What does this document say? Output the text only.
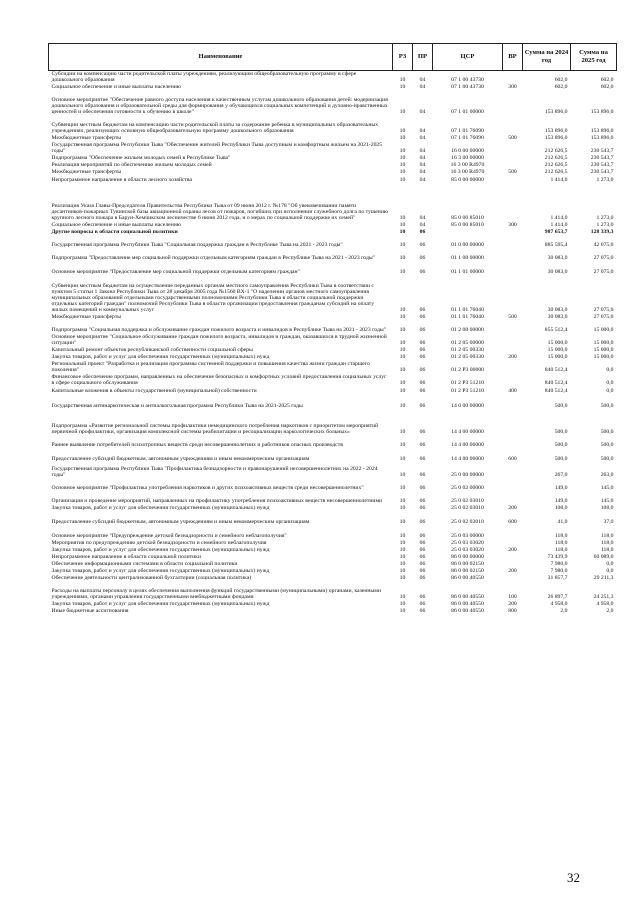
Наименование	РЗ	ПР	ЦСР	ВР	Сумма на 2024 год	Сумма на 2025 год
Субсидии на компенсацию части родительской платы учреждениям, реализующим общеобразовательную программу в сфере дошкольного образования	10	04	07 1 00 43730		602,0	602,0
Социальное обеспечение и иные выплаты населению	10	04	07 1 00 43730	300	602,0	602,0
Основное мероприятие "Обеспечение равного доступа населения к качественным услугам дошкольного образования детей: модернизация дошкольного образования и образовательной среды для формирования у обучающихся социальных компетенций и духовно-нравственных ценностей и обеспечения готовности к обучению в школе"	10	04	07 1 01 00000		153 896,0	153 896,0
Субвенции местным бюджетам на компенсацию части родительской платы за содержание ребенка в муниципальных образовательных учреждениях, реализующих основную общеобразовательную программу дошкольного образования	10	04	07 1 01 76090		153 896,0	153 896,0
Межбюджетные трансферты	10	04	07 1 01 76090	500	153 896,0	153 896,0
Государственная программа Республики Тыва "Обеспечение жителей Республики Тыва доступным и комфортным жильем на 2021-2025 годы"	10	04	16 0 00 00000		212 626,5	230 543,7
Подпрограмма "Обеспечение жильем молодых семей в Республике Тыва"	10	04	16 3 00 00000		212 626,5	230 543,7
Реализация мероприятий по обеспечению жильем молодых семей	10	04	16 3 00 R4970		212 626,5	230 543,7
Межбюджетные трансферты	10	04	16 3 00 R4970	500	212 626,5	230 543,7
Непрограммное направление в области лесного хозяйства	10	04	85 0 00 00000		1 414,0	1 273,0
Реализация Указа Главы-Председателя Правительства Республики Тыва от 09 июня 2012 г. №178 "Об увековечивании памяти десантников-пожарных Тувинской базы авиационной охраны лесов от пожаров, погибших при исполнении служебного долга по тушению крупного лесного пожара в Барун-Хемчикском лесничестве 6 июня 2012 года, и о мерах по социальной поддержке их семей"	10	04	85 0 00 85010		1 414,0	1 273,0
Социальное обеспечение и иные выплаты населению	10	04	85 0 00 85010	300	1 414,0	1 273,0
Другие вопросы в области социальной политики	10	06			987 653,7	128 339,3
Государственная программа Республики Тыва "Социальная поддержка граждан в Республике Тыва на 2021 - 2023 годы"	10	06	01 0 00 00000		885 595,4	42 075,0
Подпрограмма "Предоставление мер социальной поддержки отдельным категориям граждан в Республике Тыва на 2021 - 2023 годы"	10	06	01 1 00 00000		30 083,0	27 075,0
Основное мероприятие "Предоставление мер социальной поддержки отдельным категориям граждан"	10	06	01 1 01 00000		30 083,0	27 075,0
Субвенции местным бюджетам на осуществление переданных органам местного самоуправления Республики Тыва в соответствии с пунктом 5 статьи 1 Закона Республики Тыва от 28 декабря 2005 года №1560 ВХ-1 "О наделении органов местного самоуправления муниципальных образований отдельными государственными полномочиями Республики Тыва в области социальной поддержки отдельных категорий граждан" полномочий Республики Тыва в области организации предоставления гражданам субсидий на оплату жилых помещений и коммунальных услуг	10	06	01 1 01 76040		30 083,0	27 075,0
Межбюджетные трансферты	10	06	01 1 01 76040	500	30 083,0	27 075,0
Подпрограмма "Социальная поддержка и обслуживание граждан пожилого возраста и инвалидов в Республике Тыва на 2021 - 2023 годы"	10	06	01 2 00 00000		855 512,4	15 000,0
Основное мероприятие "Социальное обслуживание граждан пожилого возраста, инвалидов и граждан, оказавшихся в трудной жизненной ситуации"	10	06	01 2 05 00000		15 000,0	15 000,0
Капитальный ремонт объектов республиканской собственности социальной сферы	10	06	01 2 05 00330		15 000,0	15 000,0
Закупка товаров, работ и услуг для обеспечения государственных (муниципальных) нужд	10	06	01 2 05 00330	200	15 000,0	15 000,0
Региональный проект "Разработка и реализация программы системной поддержки и повышения качества жизни граждан старшего поколения"	10	06	01 2 P3 00000		840 512,4	0,0
Финансовое обеспечение программ, направленных на обеспечение безопасных и комфортных условий предоставления социальных услуг в сфере социального обслуживания	10	06	01 2 P3 51210		840 512,4	0,0
Капитальные вложения в объекты государственной (муниципальной) собственности	10	06	01 2 P3 51210	400	840 512,4	0,0
Государственная антинаркотическая и антиалкогольная программа Республики Тыва на 2021-2025 годы	10	06	14 0 00 00000		500,0	500,0
Подпрограмма «Развитие региональной системы профилактики немедицинского потребления наркотиков с приоритетом мероприятий первичной профилактики, организация комплексной системы реабилитации и ресоциализации наркологических больных»	10	06	14 4 00 00000		500,0	500,0
Раннее выявление потребителей психотропных веществ среди несовершеннолетних и работников опасных производств	10	06	14 4 00 06000		500,0	500,0
Предоставление субсидий бюджетным, автономным учреждениям и иным некоммерческим организациям	10	06	14 4 00 06000	600	500,0	500,0
Государственная программа Республики Тыва "Профилактика безнадзорности и правонарушений несовершеннолетних на 2022 - 2024 годы"	10	06	25 0 00 00000		267,0	263,0
Основное мероприятие "Профилактика употребления наркотиков и других психоактивных веществ среди несовершеннолетних"	10	06	25 0 02 00000		149,0	145,0
Организация и проведение мероприятий, направленных на профилактику употребления психоактивных веществ несовершеннолетними	10	06	25 0 02 03010		149,0	145,0
Закупка товаров, работ и услуг для обеспечения государственных (муниципальных) нужд	10	06	25 0 02 03010	200	108,0	108,0
Предоставление субсидий бюджетным, автономным учреждениям и иным некоммерческим организациям	10	06	25 0 02 03010	600	41,0	37,0
Основное мероприятие "Предупреждение детской безнадзорности и семейного неблагополучия"	10	06	25 0 03 00000		118,0	118,0
Мероприятия по предупреждению детской безнадзорности и семейного неблагополучия	10	06	25 0 03 03020		118,0	118,0
Закупка товаров, работ и услуг для обеспечения государственных (муниципальных) нужд	10	06	25 0 03 03020	200	118,0	118,0
Непрограммное направление в области социальной политики	10	06	86 0 00 00000		73 439,9	60 089,0
Обеспечение информационными системами в области социальной политики	10	06	86 0 00 02150		7 980,0	0,0
Закупка товаров, работ и услуг для обеспечения государственных (муниципальных) нужд	10	06	86 0 00 02150	200	7 980,0	0,0
Обеспечение деятельности централизованной бухгалтерии (социальная политика)	10	06	86 0 00 40550		31 857,7	29 211,3
Расходы на выплаты персоналу в целях обеспечения выполнения функций государственными (муниципальными) органами, казенными учреждениями, органами управления государственными внебюджетными фондами	10	06	86 0 00 40550	100	26 897,7	24 251,3
Закупка товаров, работ и услуг для обеспечения государственных (муниципальных) нужд	10	06	86 0 00 40550	200	4 958,0	4 958,0
Иные бюджетные ассигнования	10	06	86 0 00 40550	800	2,0	2,0
32
